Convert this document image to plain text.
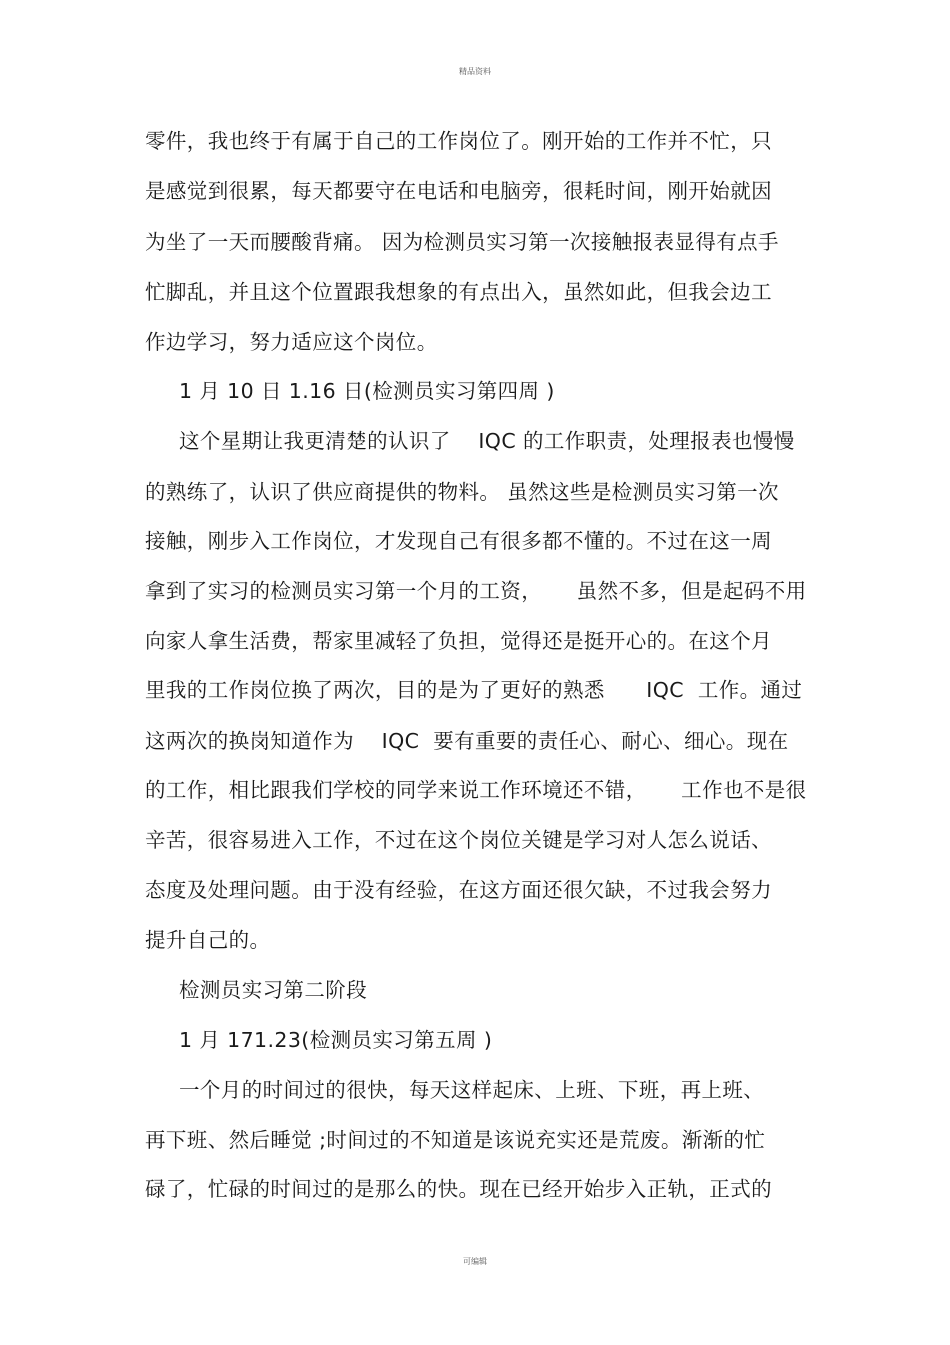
精品资料
零件，我也终于有属于自己的工作岗位了。刚开始的工作并不忙，只
是感觉到很累，每天都要守在电话和电脑旁，很耗时间，刚开始就因
为坐了一天而腰酸背痛。 因为检测员实习第一次接触报表显得有点手
忙脚乱，并且这个位置跟我想象的有点出入，虽然如此，但我会边工
作边学习，努力适应这个岗位。
1 月 10 日 1.16 日(检测员实习第四周 )
这个星期让我更清楚的认识了    IQC 的工作职责，处理报表也慢慢
的熟练了，认识了供应商提供的物料。 虽然这些是检测员实习第一次
接触，刚步入工作岗位，才发现自己有很多都不懂的。不过在这一周
拿到了实习的检测员实习第一个月的工资，     虽然不多，但是起码不用
向家人拿生活费，帮家里减轻了负担，觉得还是挺开心的。在这个月
里我的工作岗位换了两次，目的是为了更好的熟悉      IQC  工作。通过
这两次的换岗知道作为    IQC  要有重要的责任心、耐心、细心。现在
的工作，相比跟我们学校的同学来说工作环境还不错，     工作也不是很
辛苦，很容易进入工作，不过在这个岗位关键是学习对人怎么说话、
态度及处理问题。由于没有经验，在这方面还很欠缺，不过我会努力
提升自己的。
检测员实习第二阶段
1 月 171.23(检测员实习第五周 )
一个月的时间过的很快，每天这样起床、上班、下班，再上班、
再下班、然后睡觉 ;时间过的不知道是该说充实还是荒废。渐渐的忙
碌了，忙碌的时间过的是那么的快。现在已经开始步入正轨，正式的
可编辑
